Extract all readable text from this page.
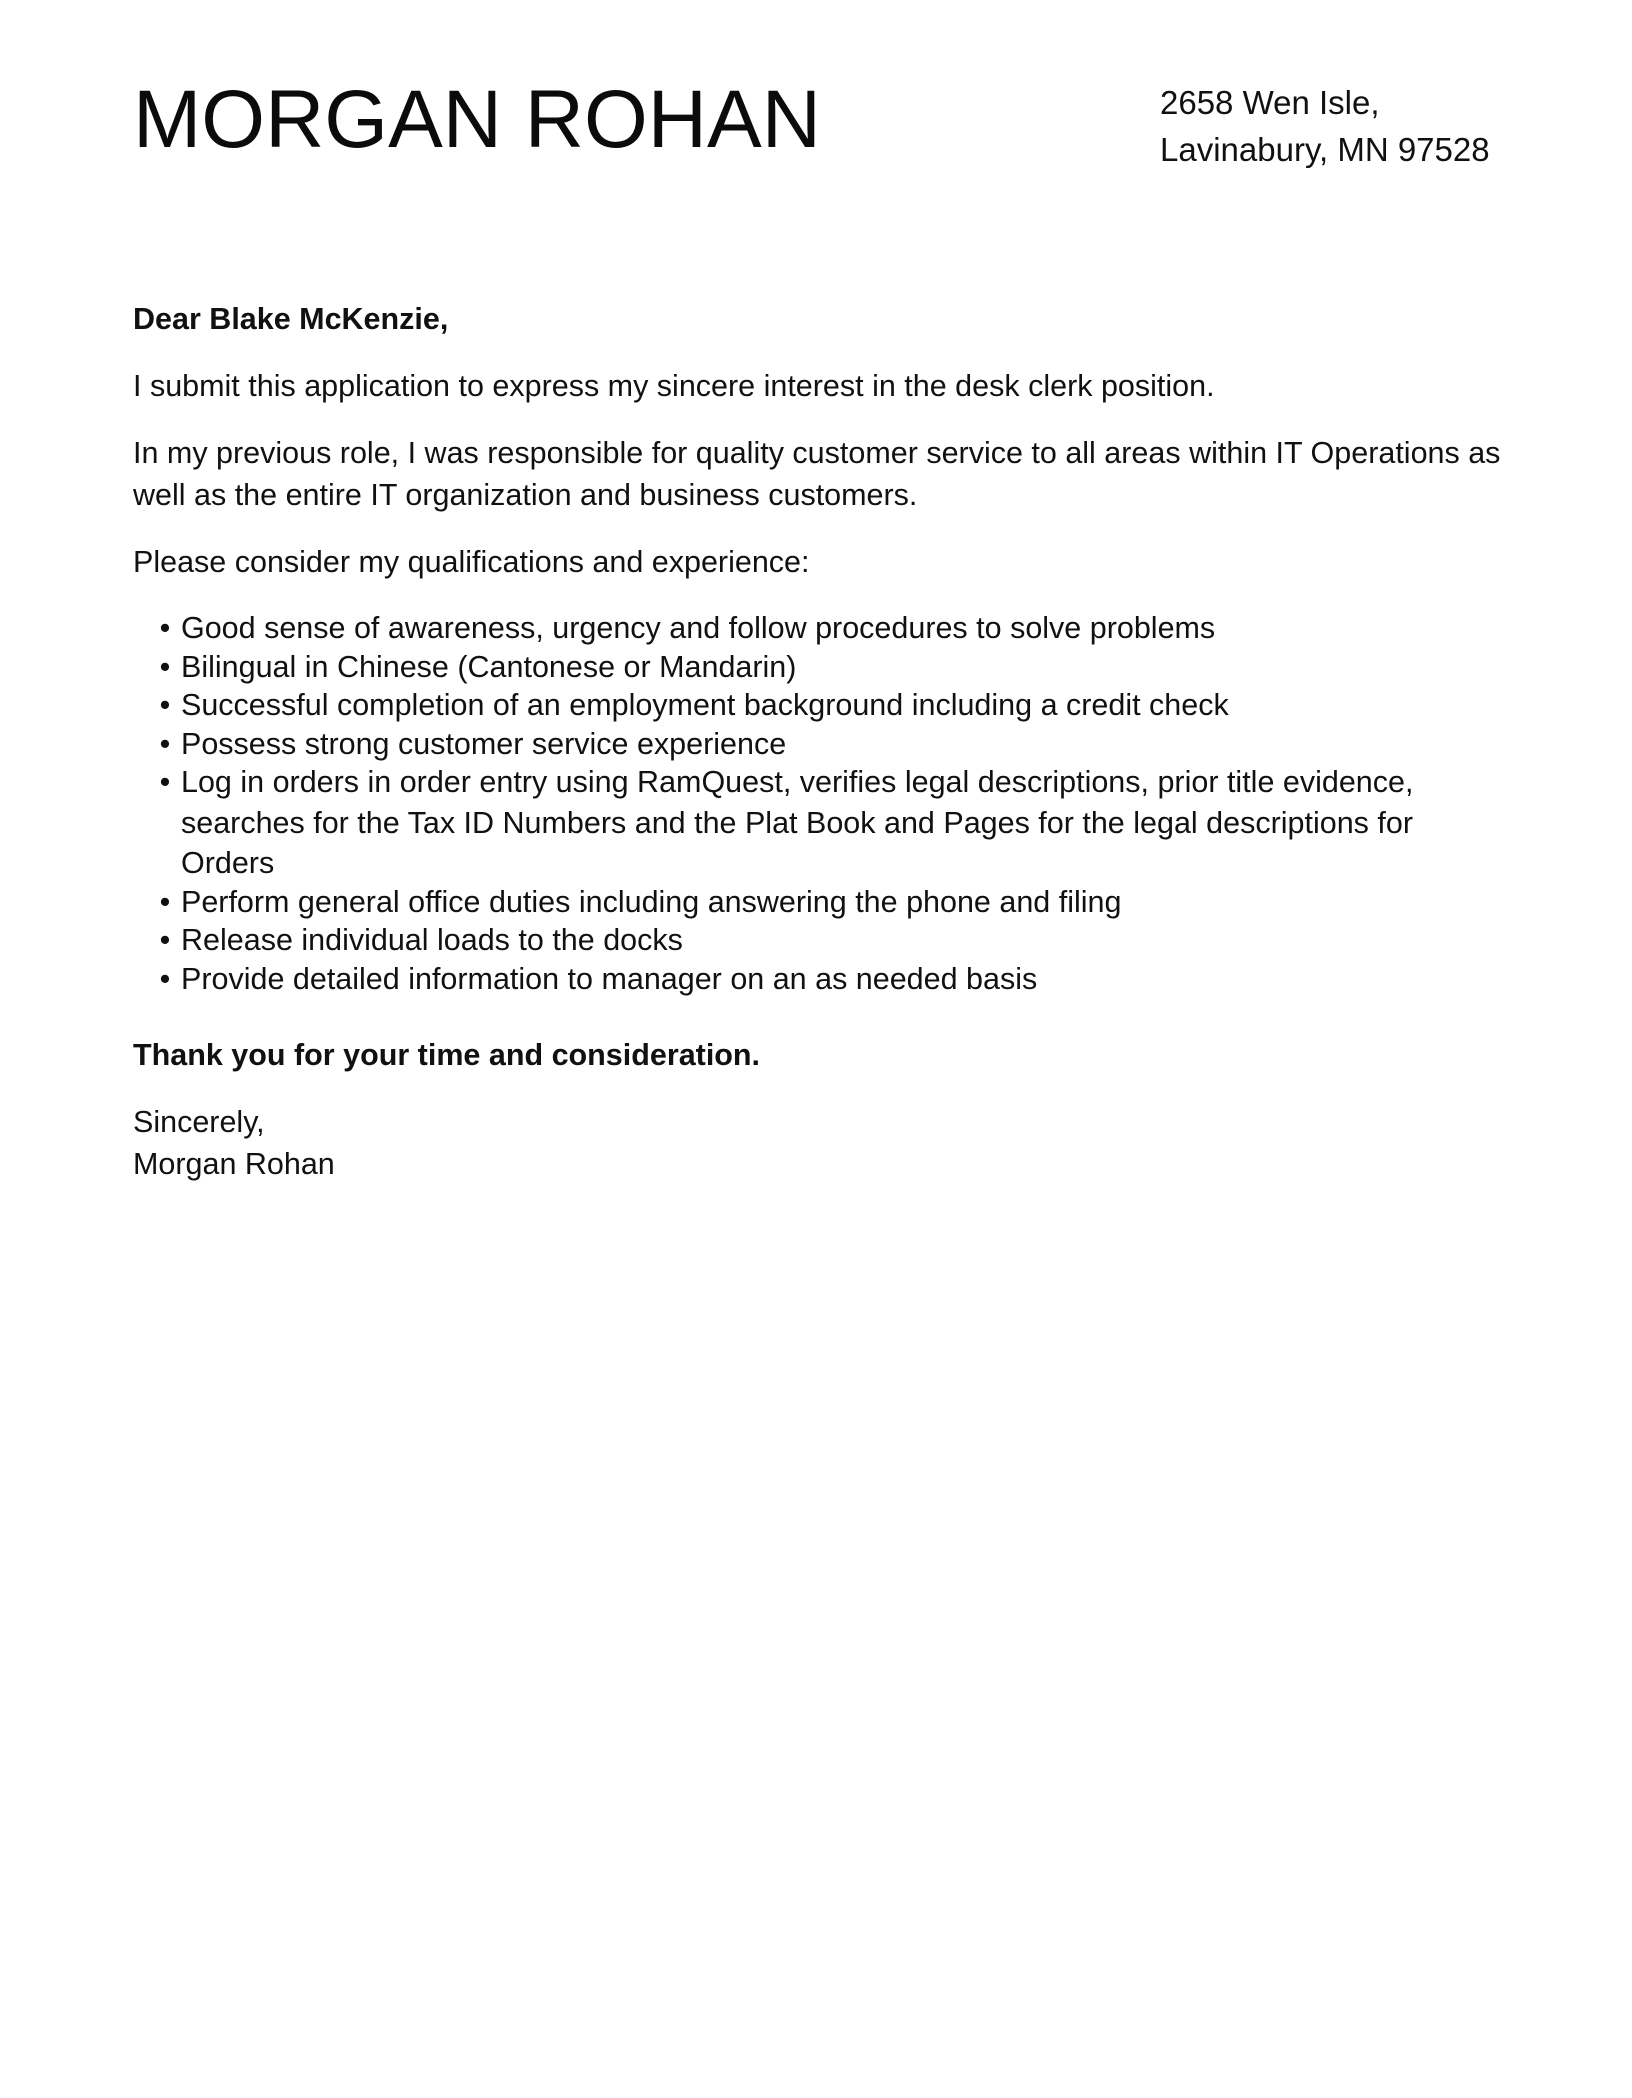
MORGAN ROHAN	2658 Wen Isle,
Lavinabury, MN 97528

Dear Blake McKenzie,

I submit this application to express my sincere interest in the desk clerk position.

In my previous role, I was responsible for quality customer service to all areas within IT Operations as well as the entire IT organization and business customers.

Please consider my qualifications and experience:

• Good sense of awareness, urgency and follow procedures to solve problems
• Bilingual in Chinese (Cantonese or Mandarin)
• Successful completion of an employment background including a credit check
• Possess strong customer service experience
• Log in orders in order entry using RamQuest, verifies legal descriptions, prior title evidence, searches for the Tax ID Numbers and the Plat Book and Pages for the legal descriptions for Orders
• Perform general office duties including answering the phone and filing
• Release individual loads to the docks
• Provide detailed information to manager on an as needed basis

Thank you for your time and consideration.

Sincerely,
Morgan Rohan
